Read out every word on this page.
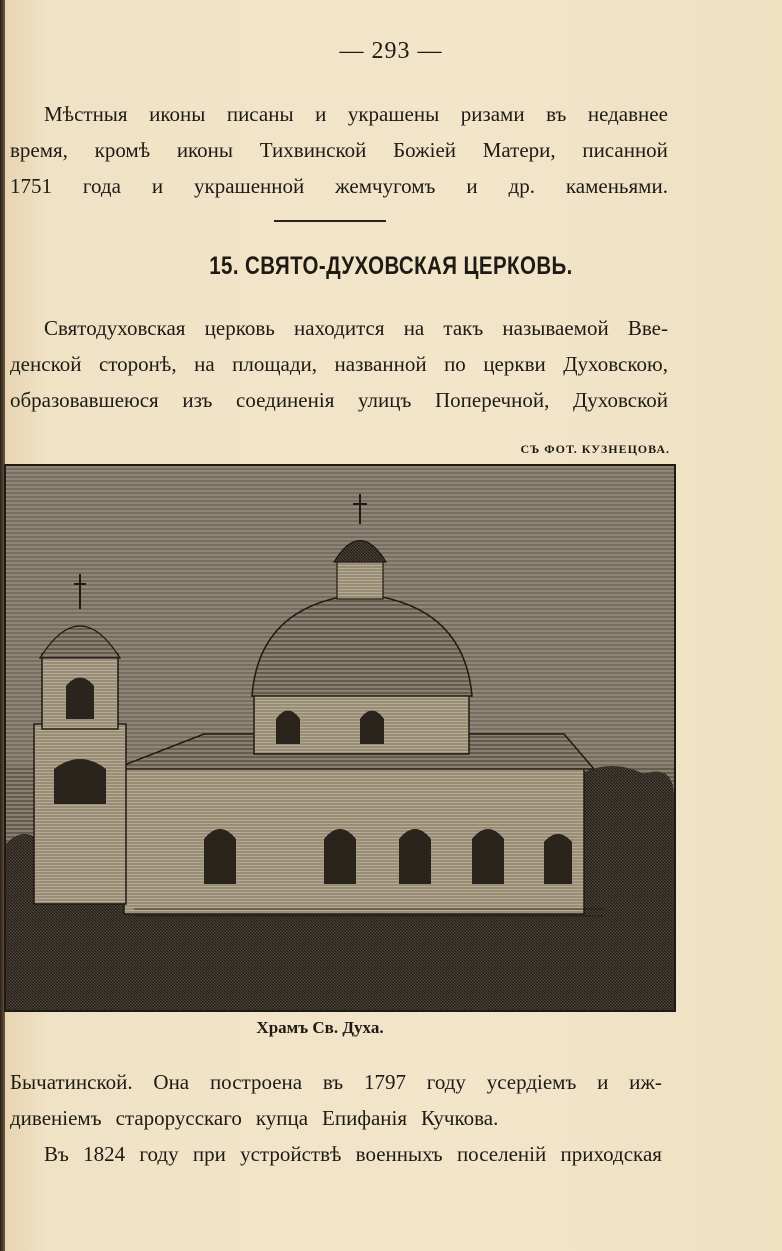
— 293 —
Мѣстныя иконы писаны и украшены ризами въ недавнее
время, кромѣ иконы Тихвинской Божіей Матери, писанной
1751 года и украшенной жемчугомъ и др. каменьями.
15. СВЯТО-ДУХОВСКАЯ ЦЕРКОВЬ.
Святодуховская церковь находится на такъ называемой Вве-
денской сторонѣ, на площади, названной по церкви Духовскою,
образовавшеюся изъ соединенія улицъ Поперечной, Духовской
СЪ ФОТ. КУЗНЕЦОВА.
Храмъ Св. Духа.
Бычатинской. Она построена въ 1797 году усердіемъ и иж-
дивеніемъ старорусскаго купца Епифанія Кучкова.
Въ 1824 году при устройствѣ военныхъ поселеній приходская
